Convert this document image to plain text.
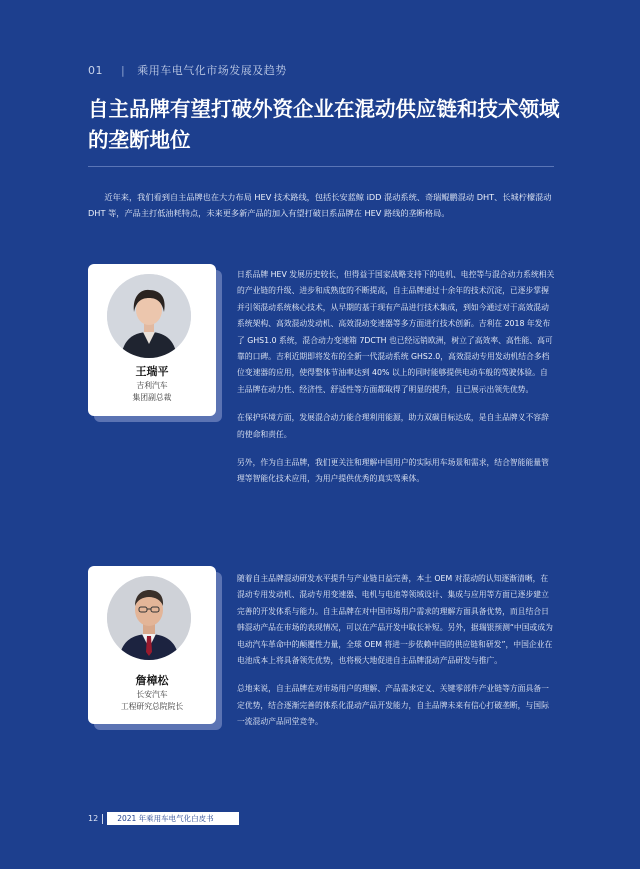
01 | 乘用车电气化市场发展及趋势
自主品牌有望打破外资企业在混动供应链和技术领域的垄断地位

近年来，我们看到自主品牌也在大力布局 HEV 技术路线，包括长安蓝鲸 iDD 混动系统、奇瑞鲲鹏混动 DHT、长城柠檬混动 DHT 等，产品主打低油耗特点，未来更多新产品的加入有望打破日系品牌在 HEV 路线的垄断格局。

王瑞平
吉利汽车
集团副总裁

日系品牌 HEV 发展历史较长，但得益于国家战略支持下的电机、电控等与混合动力系统相关的产业链的升级、进步和成熟度的不断提高，自主品牌通过十余年的技术沉淀，已逐步掌握并引领混动系统核心技术，从早期的基于现有产品进行技术集成，到如今通过对于高效混动系统架构、高效混动发动机、高效混动变速器等多方面进行技术创新。吉利在 2018 年发布了 GHS1.0 系统，混合动力变速箱 7DCTH 也已经远销欧洲，树立了高效率、高性能、高可靠的口碑。吉利近期即将发布的全新一代混动系统 GHS2.0，高效混动专用发动机结合多档位变速器的应用，使得整体节油率达到 40% 以上的同时能够提供电动车般的驾驶体验。自主品牌在动力性、经济性、舒适性等方面都取得了明显的提升，且已展示出领先优势。

在保护环境方面，发展混合动力能合理利用能源，助力双碳目标达成，是自主品牌义不容辞的使命和责任。

另外，作为自主品牌，我们更关注和理解中国用户的实际用车场景和需求，结合智能能量管理等智能化技术应用，为用户提供优秀的真实驾乘体。

詹樟松
长安汽车
工程研究总院院长

随着自主品牌混动研发水平提升与产业链日益完善，本土 OEM 对混动的认知逐渐清晰，在混动专用发动机、混动专用变速器、电机与电池等领域设计、集成与应用等方面已逐步建立完善的开发体系与能力。自主品牌在对中国市场用户需求的理解方面具备优势，而且结合日韩混动产品在市场的表现情况，可以在产品开发中取长补短。另外，据瑞银预测“中国或成为电动汽车革命中的颠覆性力量，全球 OEM 将进一步依赖中国的供应链和研发”，中国企业在电池成本上将具备领先优势，也将极大地促进自主品牌混动产品研发与推广。

总地来说，自主品牌在对市场用户的理解、产品需求定义、关键零部件产业链等方面具备一定优势，结合逐渐完善的体系化混动产品开发能力，自主品牌未来有信心打破垄断，与国际一流混动产品同堂竞争。

12	2021 年乘用车电气化白皮书
